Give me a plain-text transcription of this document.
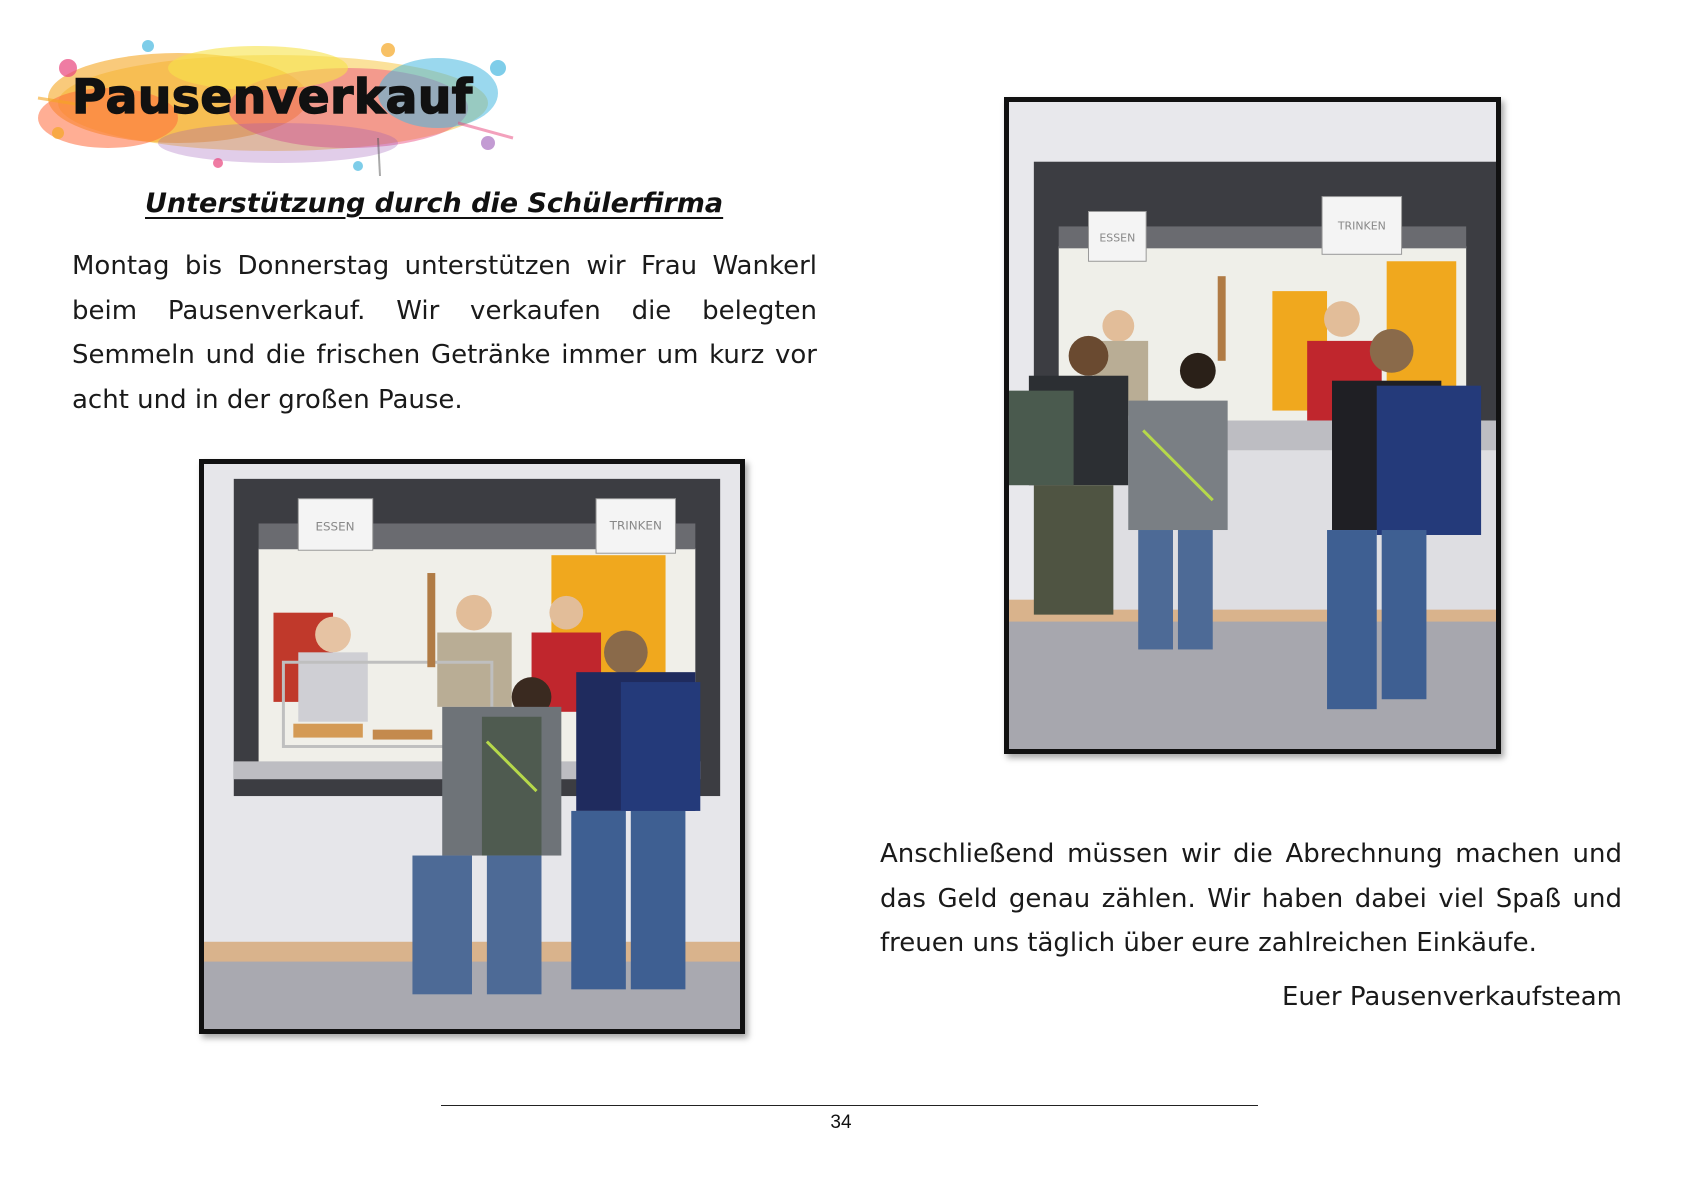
Pausenverkauf
Unterstützung durch die Schülerfirma

Montag bis Donnerstag unterstützen wir Frau Wankerl beim Pausenverkauf. Wir verkaufen die belegten Semmeln und die frischen Getränke immer um kurz vor acht und in der großen Pause.

ESSEN	TRINKEN
ESSEN
TRINKEN

Anschließend müssen wir die Abrechnung machen und das Geld genau zählen. Wir haben dabei viel Spaß und freuen uns täglich über eure zahlreichen Einkäufe.

Euer Pausenverkaufsteam

34
